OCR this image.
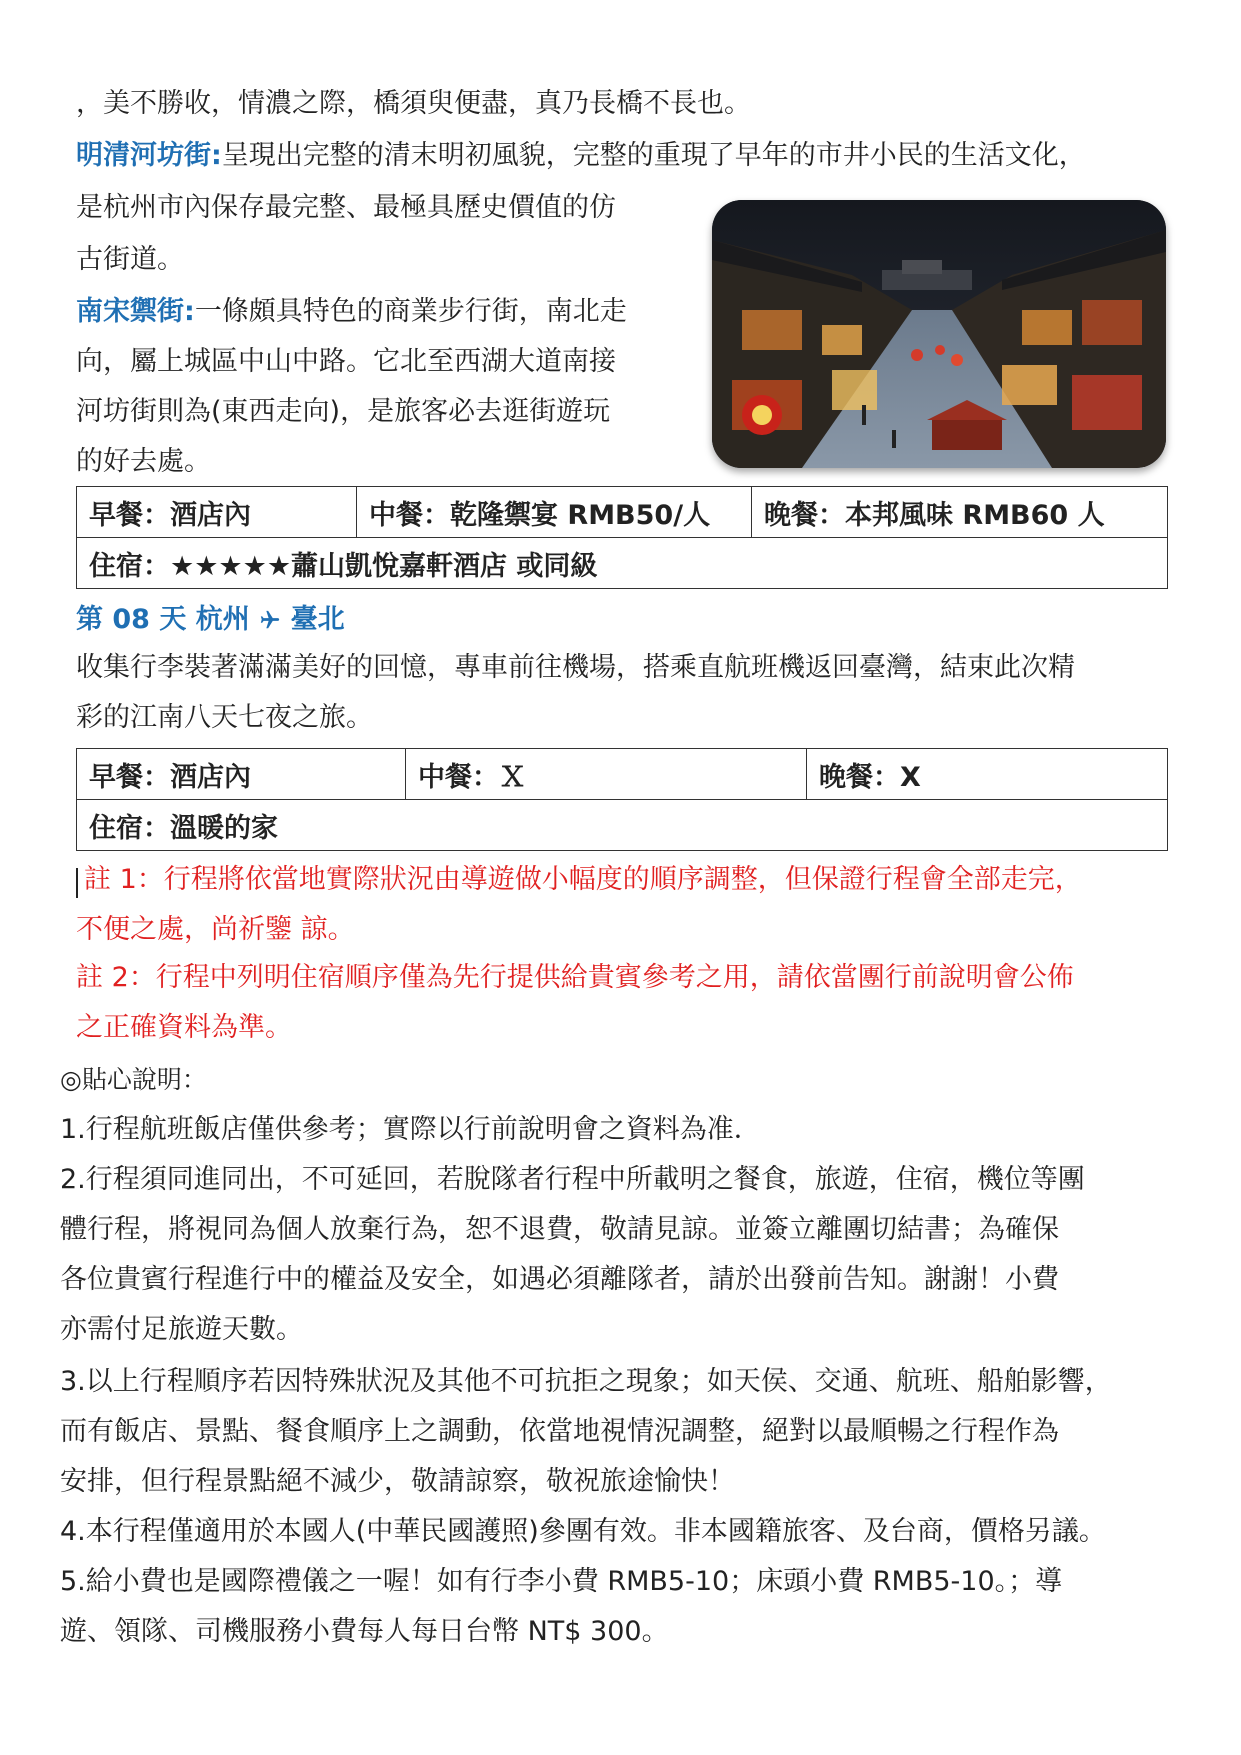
，美不勝收，情濃之際，橋須臾便盡，真乃長橋不長也。
明清河坊街:呈現出完整的清末明初風貌，完整的重現了早年的市井小民的生活文化，
是杭州市內保存最完整、最極具歷史價值的仿
古街道。
南宋禦街:一條頗具特色的商業步行街，南北走
向，屬上城區中山中路。它北至西湖大道南接
河坊街則為(東西走向)，是旅客必去逛街遊玩
的好去處。
早餐：酒店內	中餐：乾隆禦宴 RMB50/人	晚餐：本邦風味 RMB60 人
住宿：★★★★★蕭山凱悅嘉軒酒店 或同級
第 08 天 杭州 臺北
收集行李裝著滿滿美好的回憶，專車前往機場，搭乘直航班機返回臺灣，結束此次精
彩的江南八天七夜之旅。
早餐：酒店內	中餐：Ｘ	晚餐：X
住宿：溫暖的家
註 1：行程將依當地實際狀況由導遊做小幅度的順序調整，但保證行程會全部走完，
不便之處，尚祈鑒 諒。
註 2：行程中列明住宿順序僅為先行提供給貴賓參考之用，請依當團行前說明會公佈
之正確資料為準。
◎貼心說明：
1.行程航班飯店僅供參考；實際以行前說明會之資料為准．
2.行程須同進同出，不可延回，若脫隊者行程中所載明之餐食，旅遊，住宿，機位等團
體行程，將視同為個人放棄行為，恕不退費，敬請見諒。並簽立離團切結書；為確保
各位貴賓行程進行中的權益及安全，如遇必須離隊者，請於出發前告知。謝謝！小費
亦需付足旅遊天數。
3.以上行程順序若因特殊狀況及其他不可抗拒之現象；如天侯、交通、航班、船舶影響，
而有飯店、景點、餐食順序上之調動，依當地視情況調整，絕對以最順暢之行程作為
安排，但行程景點絕不減少，敬請諒察，敬祝旅途愉快！
4.本行程僅適用於本國人(中華民國護照)參團有效。非本國籍旅客、及台商，價格另議。
5.給小費也是國際禮儀之一喔！如有行李小費 RMB5-10；床頭小費 RMB5-10。；導
遊、領隊、司機服務小費每人每日台幣 NT$ 300。
